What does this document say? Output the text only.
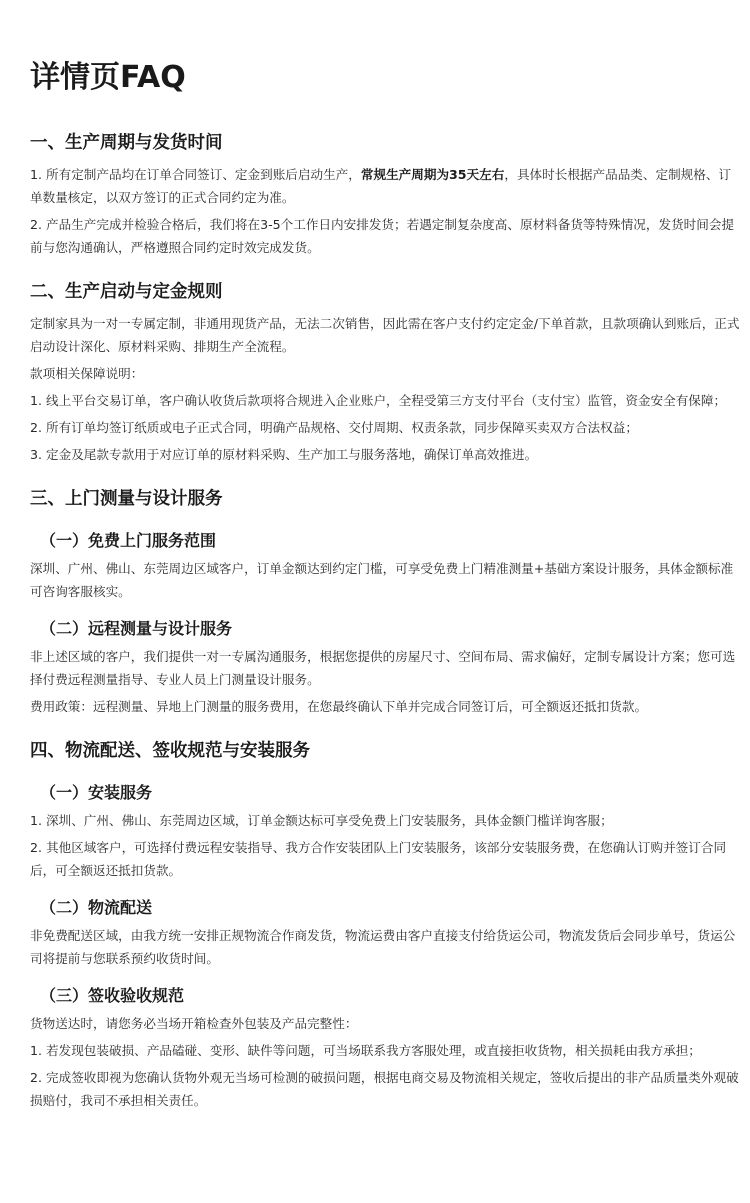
详情页FAQ
一、生产周期与发货时间

1. 所有定制产品均在订单合同签订、定金到账后启动生产，常规生产周期为35天左右，具体时长根据产品品类、定制规格、订单数量核定，以双方签订的正式合同约定为准。

2. 产品生产完成并检验合格后，我们将在3-5个工作日内安排发货；若遇定制复杂度高、原材料备货等特殊情况，发货时间会提前与您沟通确认，严格遵照合同约定时效完成发货。

二、生产启动与定金规则

定制家具为一对一专属定制，非通用现货产品，无法二次销售，因此需在客户支付约定定金/下单首款，且款项确认到账后，正式启动设计深化、原材料采购、排期生产全流程。

款项相关保障说明：

1. 线上平台交易订单，客户确认收货后款项将合规进入企业账户，全程受第三方支付平台（支付宝）监管，资金安全有保障；

2. 所有订单均签订纸质或电子正式合同，明确产品规格、交付周期、权责条款，同步保障买卖双方合法权益；

3. 定金及尾款专款用于对应订单的原材料采购、生产加工与服务落地，确保订单高效推进。

三、上门测量与设计服务
（一）免费上门服务范围

深圳、广州、佛山、东莞周边区域客户，订单金额达到约定门槛，可享受免费上门精准测量+基础方案设计服务，具体金额标准可咨询客服核实。

（二）远程测量与设计服务

非上述区域的客户，我们提供一对一专属沟通服务，根据您提供的房屋尺寸、空间布局、需求偏好，定制专属设计方案；您可选择付费远程测量指导、专业人员上门测量设计服务。

费用政策：远程测量、异地上门测量的服务费用，在您最终确认下单并完成合同签订后，可全额返还抵扣货款。

四、物流配送、签收规范与安装服务
（一）安装服务

1. 深圳、广州、佛山、东莞周边区域，订单金额达标可享受免费上门安装服务，具体金额门槛详询客服；

2. 其他区域客户，可选择付费远程安装指导、我方合作安装团队上门安装服务，该部分安装服务费，在您确认订购并签订合同后，可全额返还抵扣货款。

（二）物流配送

非免费配送区域，由我方统一安排正规物流合作商发货，物流运费由客户直接支付给货运公司，物流发货后会同步单号，货运公司将提前与您联系预约收货时间。

（三）签收验收规范

货物送达时，请您务必当场开箱检查外包装及产品完整性：

1. 若发现包装破损、产品磕碰、变形、缺件等问题，可当场联系我方客服处理，或直接拒收货物，相关损耗由我方承担；

2. 完成签收即视为您确认货物外观无当场可检测的破损问题，根据电商交易及物流相关规定，签收后提出的非产品质量类外观破损赔付，我司不承担相关责任。
